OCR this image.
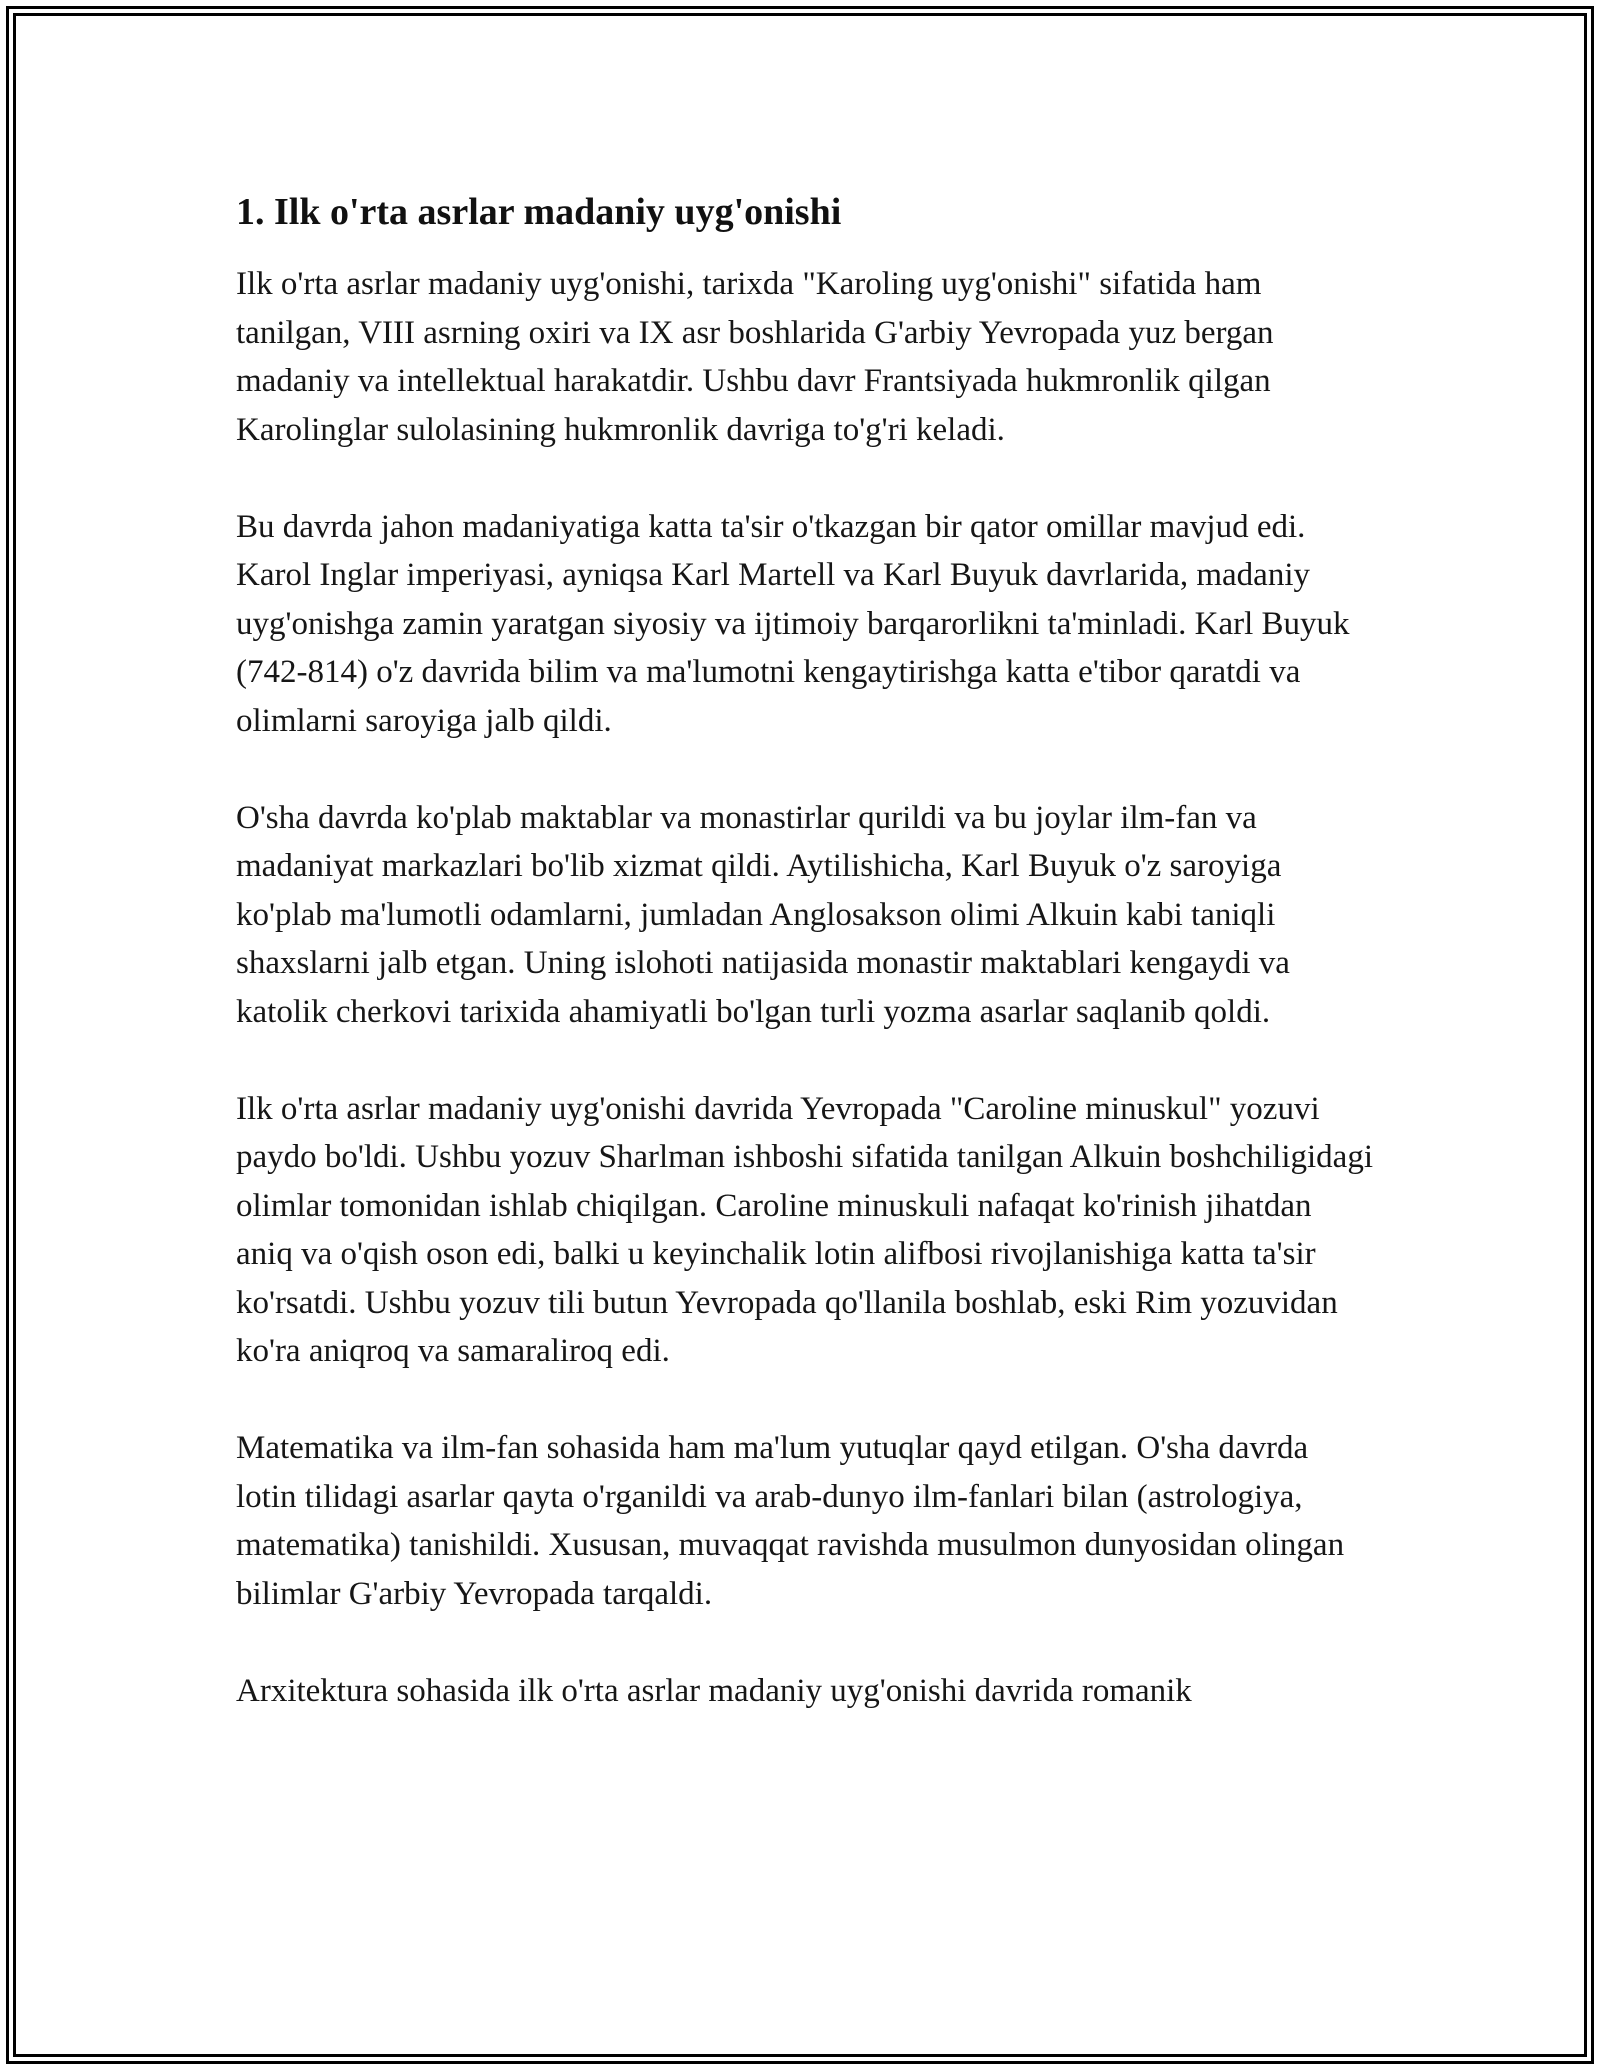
1. Ilk o'rta asrlar madaniy uyg'onishi

Ilk o'rta asrlar madaniy uyg'onishi, tarixda "Karoling uyg'onishi" sifatida ham tanilgan, VIII asrning oxiri va IX asr boshlarida G'arbiy Yevropada yuz bergan madaniy va intellektual harakatdir. Ushbu davr Frantsiyada hukmronlik qilgan Karolinglar sulolasining hukmronlik davriga to'g'ri keladi.

Bu davrda jahon madaniyatiga katta ta'sir o'tkazgan bir qator omillar mavjud edi. Karol Inglar imperiyasi, ayniqsa Karl Martell va Karl Buyuk davrlarida, madaniy uyg'onishga zamin yaratgan siyosiy va ijtimoiy barqarorlikni ta'minladi. Karl Buyuk (742-814) o'z davrida bilim va ma'lumotni kengaytirishga katta e'tibor qaratdi va olimlarni saroyiga jalb qildi.

O'sha davrda ko'plab maktablar va monastirlar qurildi va bu joylar ilm-fan va madaniyat markazlari bo'lib xizmat qildi. Aytilishicha, Karl Buyuk o'z saroyiga ko'plab ma'lumotli odamlarni, jumladan Anglosakson olimi Alkuin kabi taniqli shaxslarni jalb etgan. Uning islohoti natijasida monastir maktablari kengaydi va katolik cherkovi tarixida ahamiyatli bo'lgan turli yozma asarlar saqlanib qoldi.

Ilk o'rta asrlar madaniy uyg'onishi davrida Yevropada "Caroline minuskul" yozuvi paydo bo'ldi. Ushbu yozuv Sharlman ishboshi sifatida tanilgan Alkuin boshchiligidagi olimlar tomonidan ishlab chiqilgan. Caroline minuskuli nafaqat ko'rinish jihatdan aniq va o'qish oson edi, balki u keyinchalik lotin alifbosi rivojlanishiga katta ta'sir ko'rsatdi. Ushbu yozuv tili butun Yevropada qo'llanila boshlab, eski Rim yozuvidan ko'ra aniqroq va samaraliroq edi.

Matematika va ilm-fan sohasida ham ma'lum yutuqlar qayd etilgan. O'sha davrda lotin tilidagi asarlar qayta o'rganildi va arab-dunyo ilm-fanlari bilan (astrologiya, matematika) tanishildi. Xususan, muvaqqat ravishda musulmon dunyosidan olingan bilimlar G'arbiy Yevropada tarqaldi.

Arxitektura sohasida ilk o'rta asrlar madaniy uyg'onishi davrida romanik
